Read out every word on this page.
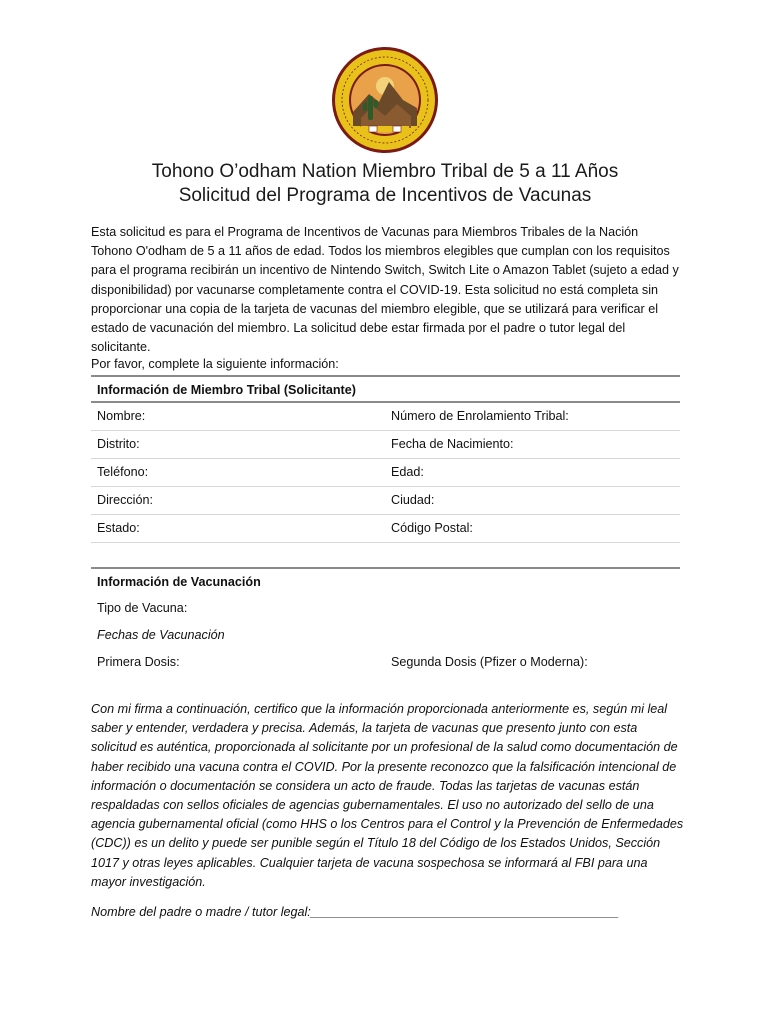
Tohono O’odham Nation Miembro Tribal de 5 a 11 Años
Solicitud del Programa de Incentivos de Vacunas

Esta solicitud es para el Programa de Incentivos de Vacunas para Miembros Tribales de la Nación Tohono O'odham de 5 a 11 años de edad. Todos los miembros elegibles que cumplan con los requisitos para el programa recibirán un incentivo de Nintendo Switch, Switch Lite o Amazon Tablet (sujeto a edad y disponibilidad) por vacunarse completamente contra el COVID-19. Esta solicitud no está completa sin proporcionar una copia de la tarjeta de vacunas del miembro elegible, que se utilizará para verificar el estado de vacunación del miembro. La solicitud debe estar firmada por el padre o tutor legal del solicitante.

Por favor, complete la siguiente información:

Información de Miembro Tribal (Solicitante)
Nombre:	Número de Enrolamiento Tribal:
Distrito:	Fecha de Nacimiento:
Teléfono:	Edad:
Dirección:	Ciudad:
Estado:	Código Postal:
Información de Vacunación
Tipo de Vacuna:
Fechas de Vacunación
Primera Dosis:	Segunda Dosis (Pfizer o Moderna):

Con mi firma a continuación, certifico que la información proporcionada anteriormente es, según mi leal saber y entender, verdadera y precisa. Además, la tarjeta de vacunas que presento junto con esta solicitud es auténtica, proporcionada al solicitante por un profesional de la salud como documentación de haber recibido una vacuna contra el COVID. Por la presente reconozco que la falsificación intencional de información o documentación se considera un acto de fraude. Todas las tarjetas de vacunas están respaldadas con sellos oficiales de agencias gubernamentales. El uso no autorizado del sello de una agencia gubernamental oficial (como HHS o los Centros para el Control y la Prevención de Enfermedades (CDC)) es un delito y puede ser punible según el Título 18 del Código de los Estados Unidos, Sección 1017 y otras leyes aplicables. Cualquier tarjeta de vacuna sospechosa se informará al FBI para una mayor investigación.

Nombre del padre o madre / tutor legal:____________________________________________
